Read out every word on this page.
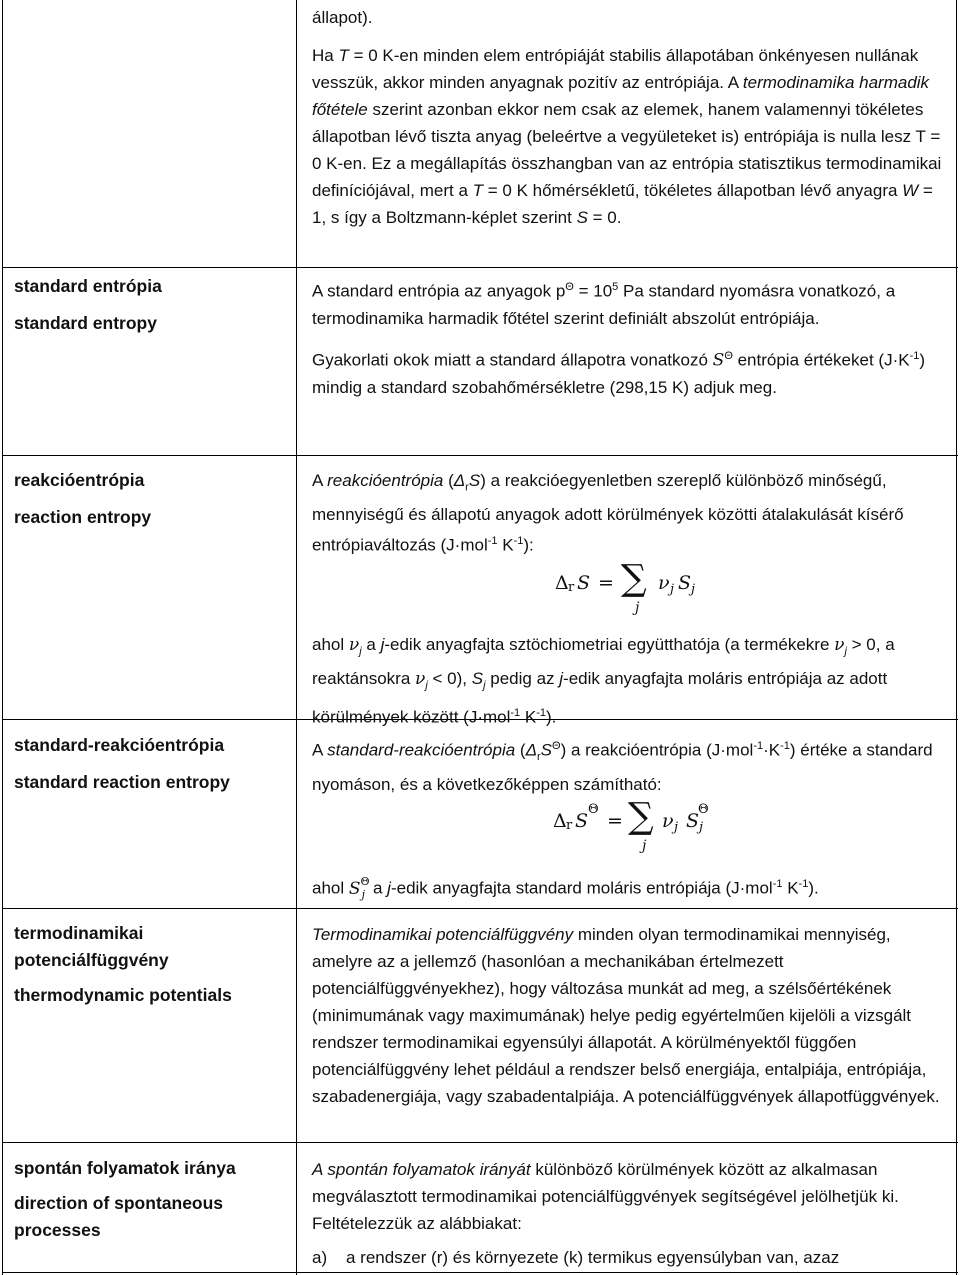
állapot).

Ha T = 0 K-en minden elem entrópiáját stabilis állapotában önkényesen nullának vesszük, akkor minden anyagnak pozitív az entrópiája. A termodinamika harmadik főtétele szerint azonban ekkor nem csak az elemek, hanem valamennyi tökéletes állapotban lévő tiszta anyag (beleértve a vegyületeket is) entrópiája is nulla lesz T = 0 K-en. Ez a megállapítás összhangban van az entrópia statisztikus termodinamikai definíciójával, mert a T = 0 K hőmérsékletű, tökéletes állapotban lévő anyagra W = 1, s így a Boltzmann-képlet szerint S = 0.

standard entrópia
standard entropy
reakcióentrópia
reaction entropy
standard-reakcióentrópia
standard reaction entropy
termodinamikai potenciálfüggvény
thermodynamic potentials
spontán folyamatok iránya
direction of spontaneous processes

A standard entrópia az anyagok $p^\Theta = 10^5$ Pa standard nyomásra vonatkozó, a termodinamika harmadik főtétel szerint definiált abszolút entrópiája.

Gyakorlati okok miatt a standard állapotra vonatkozó $S^\Theta$ entrópia értékeket $(J\cdot K^{-1})$ mindig a standard szobahőmérsékletre (298,15 K) adjuk meg.

A reakcióentrópia $(\Delta_rS)$ a reakcióegyenletben szereplő különböző minőségű, mennyiségű és állapotú anyagok adott körülmények közötti átalakulását kísérő entrópiaváltozás (J·mol$^{-1}$ $K^{-1}$):

Δ r S = ∑
j
ν j S j

ahol $\nu_j$ a j-edik anyagfajta sztöchiometriai együtthatója (a termékekre $\nu_j > 0$, a reaktánsokra $\nu_j < 0$), $S_j$ pedig az j-edik anyagfajta moláris entrópiája az adott körülmények között (J·mol$^{-1}$ $K^{-1}$).

A standard-reakcióentrópia $(\Delta_rS^\Theta)$ a reakcióentrópia $(J\cdot mol^{-1}\cdot K^{-1})$ értéke a standard nyomáson, és a következőképpen számítható:

Δ r S
Θ
= ∑
j
ν j S
Θ
j

ahol $S^\Theta_j$ a j-edik anyagfajta standard moláris entrópiája (J·mol$^{-1}$ $K^{-1}$).

Termodinamikai potenciálfüggvény minden olyan termodinamikai mennyiség, amelyre az a jellemző (hasonlóan a mechanikában értelmezett potenciálfüggvényekhez), hogy változása munkát ad meg, a szélsőértékének (minimumának vagy maximumának) helye pedig egyértelműen kijelöli a vizsgált rendszer termodinamikai egyensúlyi állapotát. A körülményektől függően potenciálfüggvény lehet például a rendszer belső energiája, entalpiája, entrópiája, szabadenergiája, vagy szabadentalpiája. A potenciálfüggvények állapotfüggvények.

A spontán folyamatok irányát különböző körülmények között az alkalmasan megválasztott termodinamikai potenciálfüggvények segítségével jelölhetjük ki. Feltételezzük az alábbiakat:

a) a rendszer (r) és környezete (k) termikus egyensúlyban van, azaz
